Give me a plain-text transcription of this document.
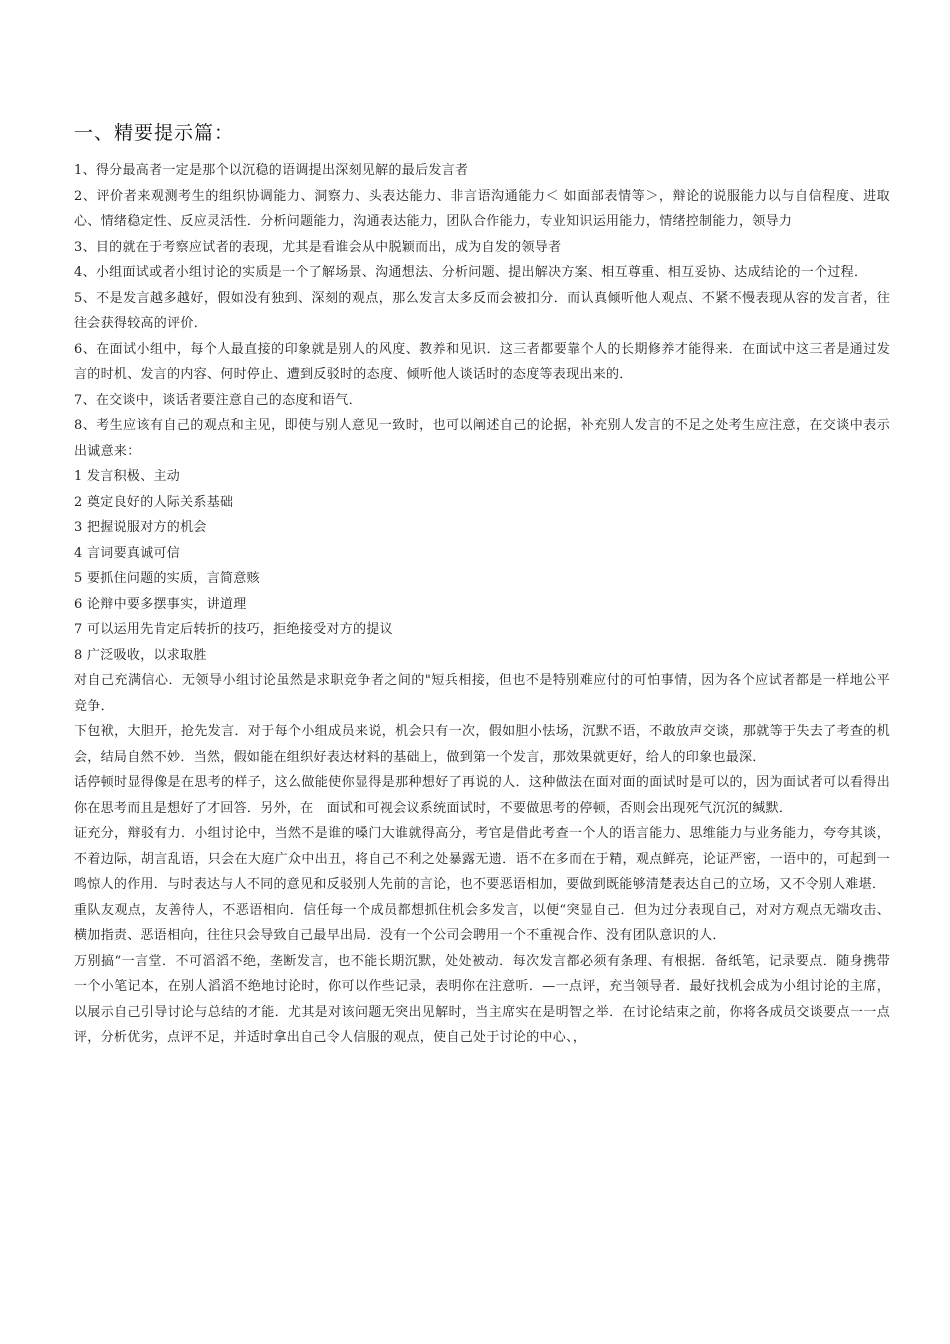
一、精要提示篇：

1、得分最高者一定是那个以沉稳的语调提出深刻见解的最后发言者

2、评价者来观测考生的组织协调能力、洞察力、头表达能力、非言语沟通能力＜ 如面部表情等＞，辩论的说服能力以与自信程度、进取心、情绪稳定性、反应灵活性．分析问题能力，沟通表达能力，团队合作能力，专业知识运用能力，情绪控制能力，领导力

3、目的就在于考察应试者的表现，尤其是看谁会从中脱颖而出，成为自发的领导者

4、小组面试或者小组讨论的实质是一个了解场景、沟通想法、分析问题、提出解决方案、相互尊重、相互妥协、达成结论的一个过程．

5、不是发言越多越好，假如没有独到、深刻的观点，那么发言太多反而会被扣分．而认真倾听他人观点、不紧不慢表现从容的发言者，往往会获得较高的评价．

6、在面试小组中，每个人最直接的印象就是别人的风度、教养和见识．这三者都要靠个人的长期修养才能得来．在面试中这三者是通过发言的时机、发言的内容、何时停止、遭到反驳时的态度、倾听他人谈话时的态度等表现出来的．

7、在交谈中，谈话者要注意自己的态度和语气．

8、考生应该有自己的观点和主见，即使与别人意见一致时，也可以阐述自己的论据，补充别人发言的不足之处考生应注意，在交谈中表示出诚意来：

1 发言积极、主动

2 奠定良好的人际关系基础

3 把握说服对方的机会

4 言词要真诚可信

5 要抓住问题的实质，言简意赅

6 论辩中要多摆事实，讲道理

7 可以运用先肯定后转折的技巧，拒绝接受对方的提议

8 广泛吸收，以求取胜

对自己充满信心．无领导小组讨论虽然是求职竞争者之间的"短兵相接，但也不是特别难应付的可怕事情，因为各个应试者都是一样地公平竞争．

下包袱，大胆开，抢先发言．对于每个小组成员来说，机会只有一次，假如胆小怯场，沉默不语，不敢放声交谈，那就等于失去了考查的机会，结局自然不妙．当然，假如能在组织好表达材料的基础上，做到第一个发言，那效果就更好，给人的印象也最深．

话停顿时显得像是在思考的样子，这么做能使你显得是那种想好了再说的人．这种做法在面对面的面试时是可以的，因为面试者可以看得出你在思考而且是想好了才回答．另外，在　面试和可视会议系统面试时，不要做思考的停顿，否则会出现死气沉沉的缄默．

证充分，辩驳有力．小组讨论中，当然不是谁的嗓门大谁就得高分，考官是借此考查一个人的语言能力、思维能力与业务能力，夸夸其谈，不着边际，胡言乱语，只会在大庭广众中出丑，将自己不利之处暴露无遗．语不在多而在于精，观点鲜亮，论证严密，一语中的，可起到一鸣惊人的作用．与时表达与人不同的意见和反驳别人先前的言论，也不要恶语相加，要做到既能够清楚表达自己的立场，又不令别人难堪．

重队友观点，友善待人，不恶语相向．信任每一个成员都想抓住机会多发言，以便“突显自己．但为过分表现自己，对对方观点无端攻击、横加指责、恶语相向，往往只会导致自己最早出局．没有一个公司会聘用一个不重视合作、没有团队意识的人．

万别搞“一言堂．不可滔滔不绝，垄断发言，也不能长期沉默，处处被动．每次发言都必须有条理、有根据．备纸笔，记录要点．随身携带一个小笔记本，在别人滔滔不绝地讨论时，你可以作些记录，表明你在注意听．—一点评，充当领导者．最好找机会成为小组讨论的主席，以展示自己引导讨论与总结的才能．尤其是对该问题无突出见解时，当主席实在是明智之举．在讨论结束之前，你将各成员交谈要点一一点评，分析优劣，点评不足，并适时拿出自己令人信服的观点，使自己处于讨论的中心、，
